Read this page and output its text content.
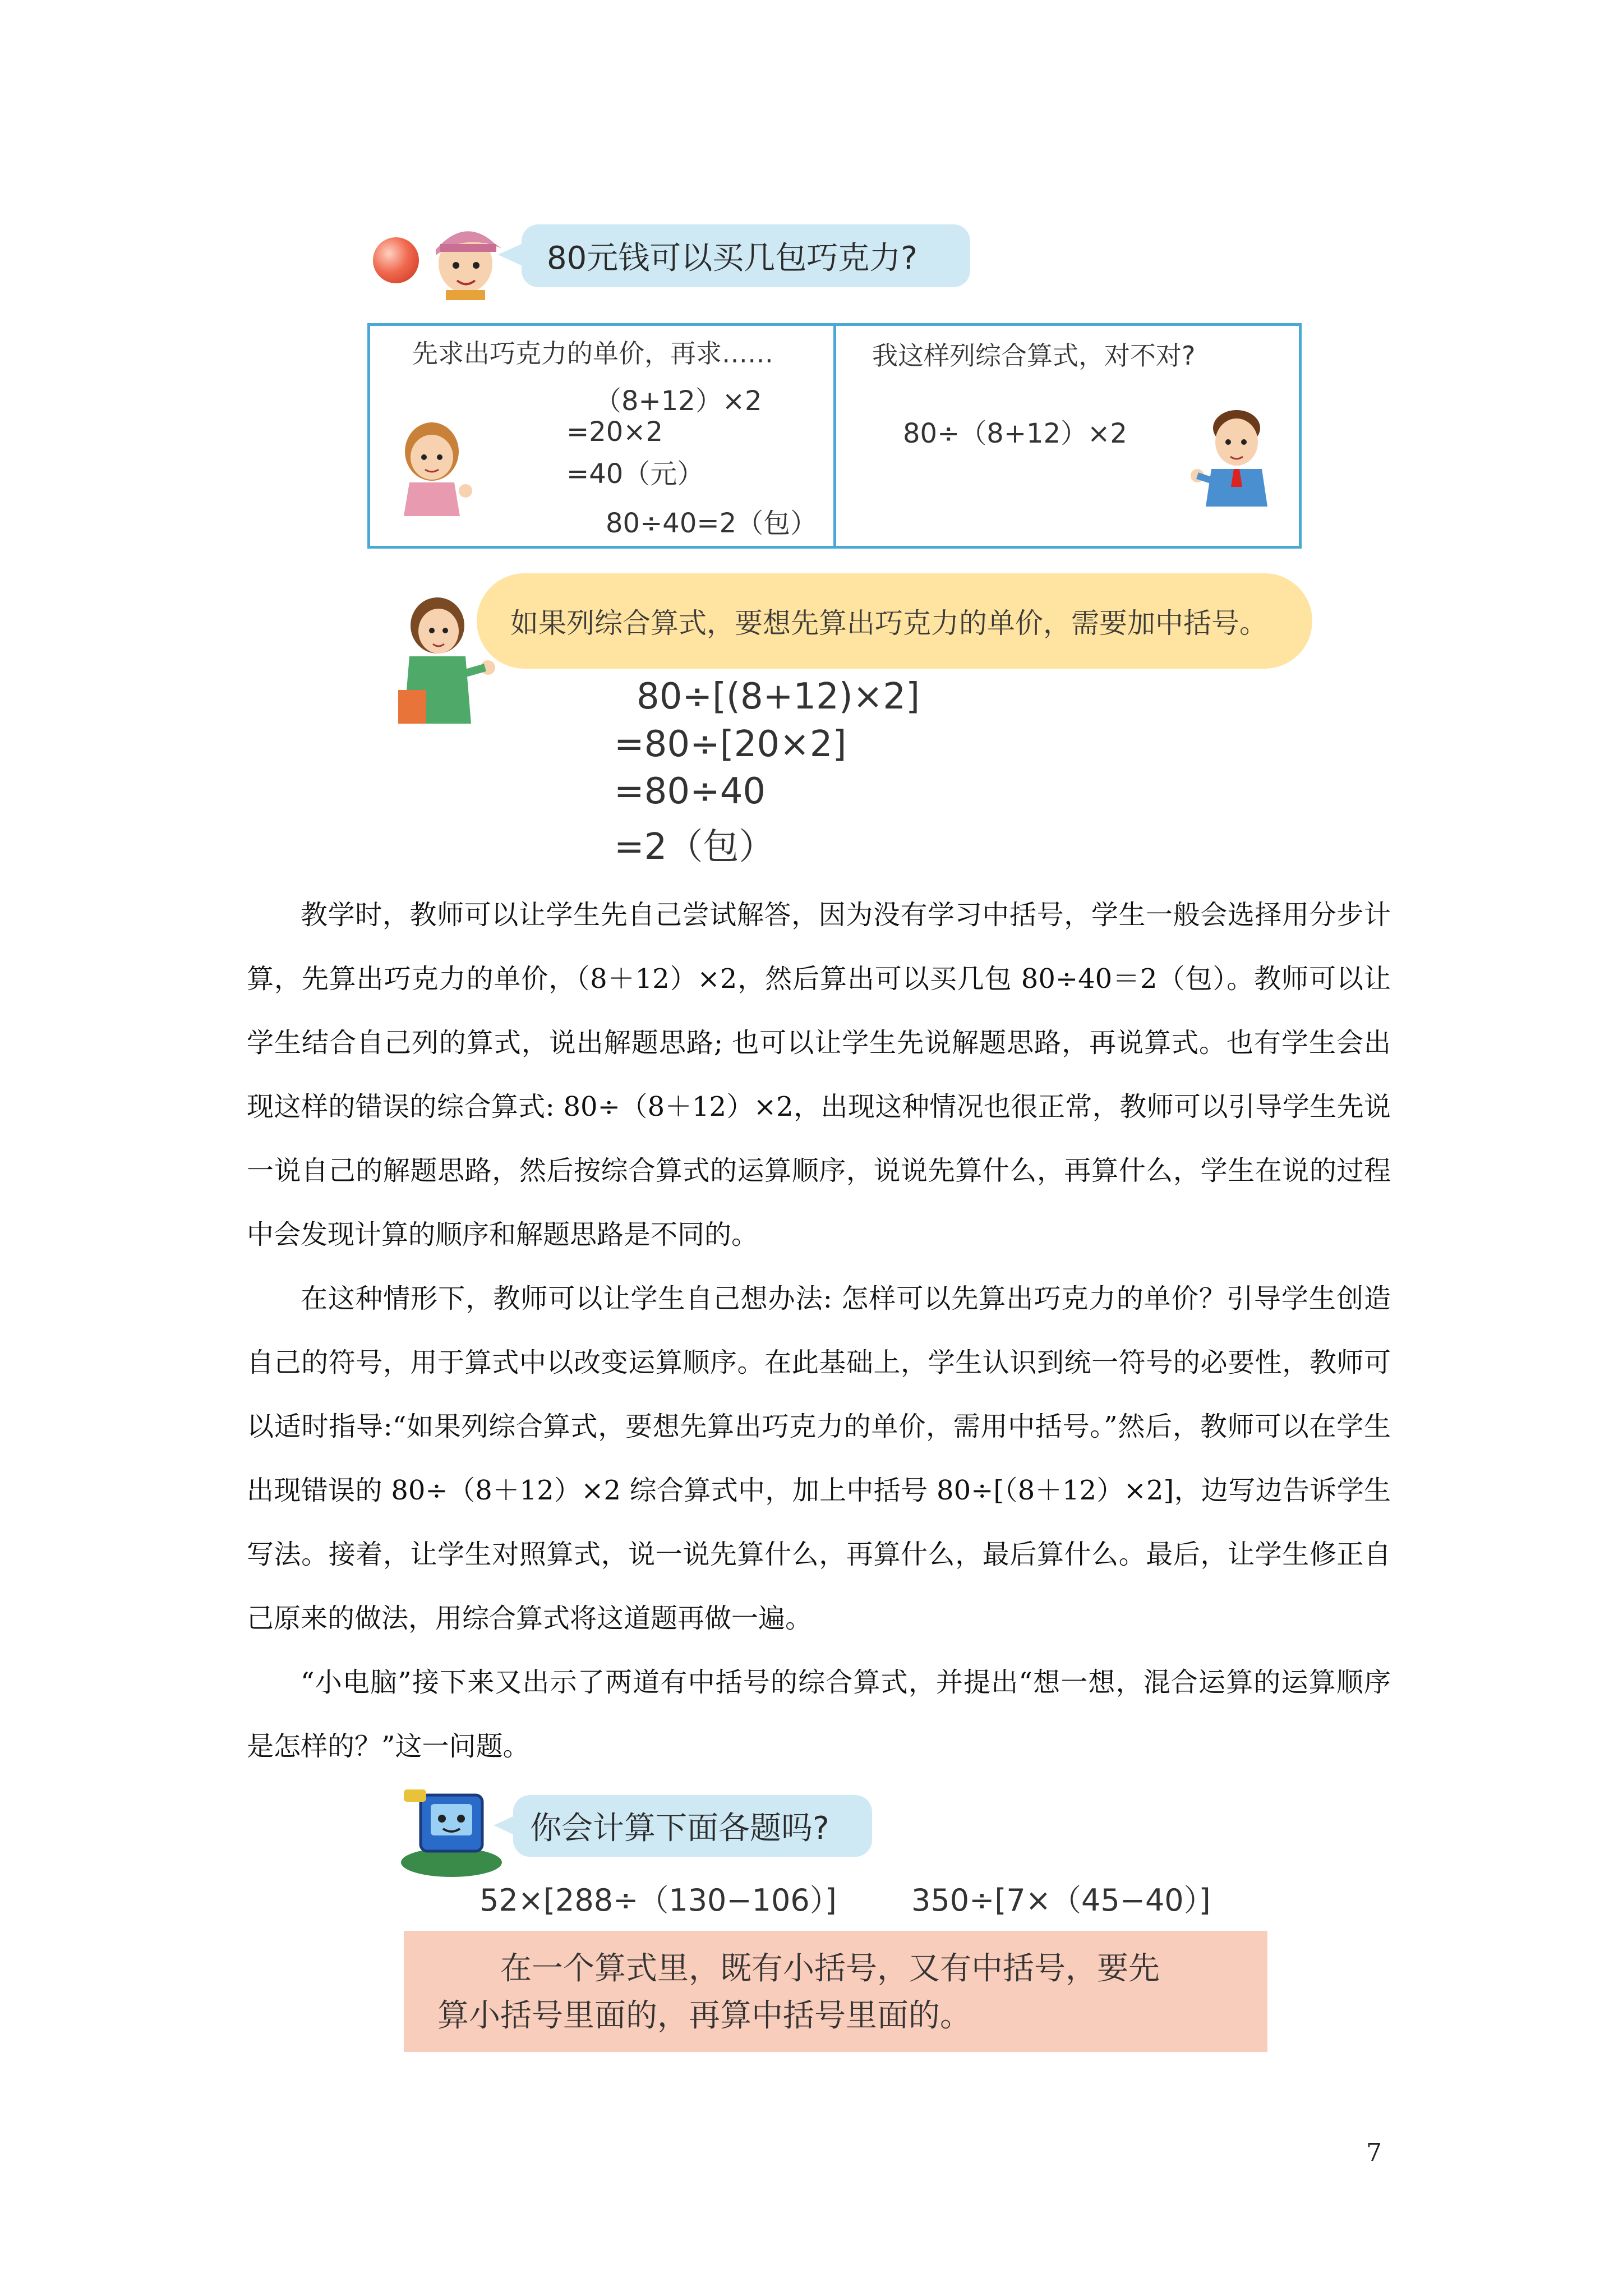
80元钱可以买几包巧克力?
先求出巧克力的单价，再求……
（8+12）×2
=20×2
=40（元）
80÷40=2（包）
我这样列综合算式，对不对?
80÷（8+12）×2
如果列综合算式，要想先算出巧克力的单价，需要加中括号。
80÷[(8+12)×2]
=80÷[20×2]
=80÷40
=2（包）

教学时，教师可以让学生先自己尝试解答，因为没有学习中括号，学生一般会选择用分步计算，先算出巧克力的单价，（8＋12）×2，然后算出可以买几包 80÷40＝2（包）。教师可以让学生结合自己列的算式，说出解题思路; 也可以让学生先说解题思路，再说算式。也有学生会出现这样的错误的综合算式: 80÷（8＋12）×2，出现这种情况也很正常，教师可以引导学生先说一说自己的解题思路，然后按综合算式的运算顺序，说说先算什么，再算什么，学生在说的过程中会发现计算的顺序和解题思路是不同的。

在这种情形下，教师可以让学生自己想办法: 怎样可以先算出巧克力的单价？引导学生创造自己的符号，用于算式中以改变运算顺序。在此基础上，学生认识到统一符号的必要性，教师可以适时指导:“如果列综合算式，要想先算出巧克力的单价，需用中括号。”然后，教师可以在学生出现错误的 80÷（8＋12）×2 综合算式中，加上中括号 80÷[（8＋12）×2]，边写边告诉学生写法。接着，让学生对照算式，说一说先算什么，再算什么，最后算什么。最后，让学生修正自己原来的做法，用综合算式将这道题再做一遍。

“小电脑”接下来又出示了两道有中括号的综合算式，并提出“想一想，混合运算的运算顺序是怎样的？”这一问题。

你会计算下面各题吗?
52×[288÷（130−106）] 350÷[7×（45−40）]

在一个算式里，既有小括号，又有中括号，要先

算小括号里面的，再算中括号里面的。

7
